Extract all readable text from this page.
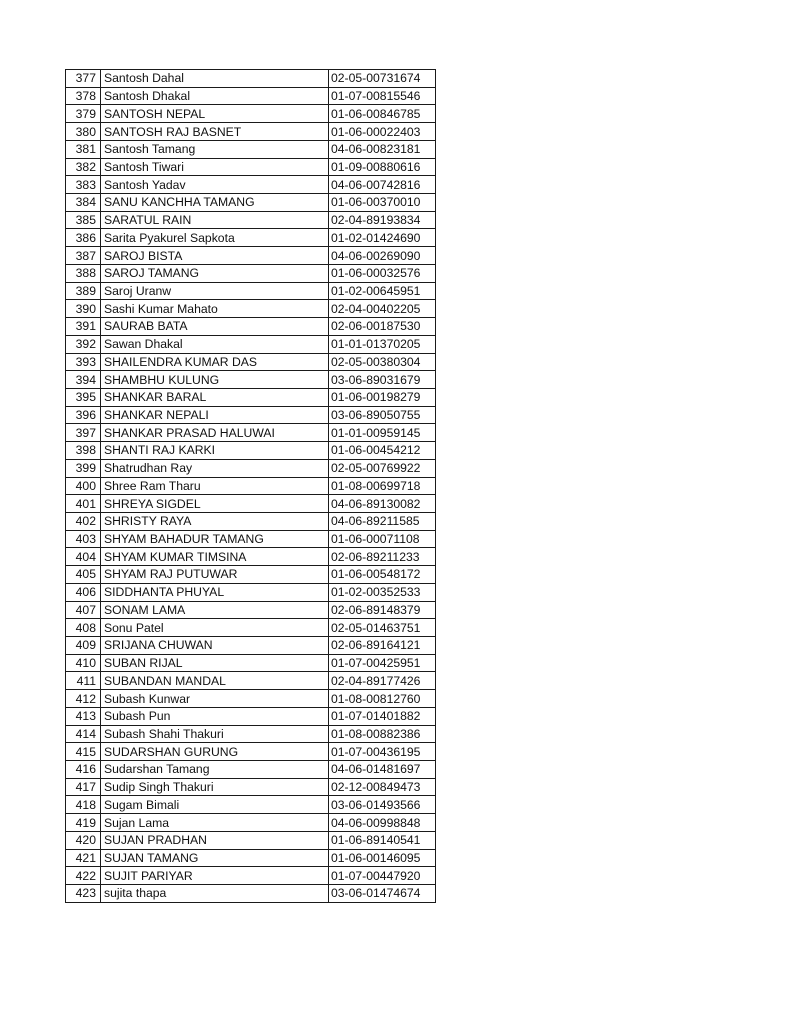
377	Santosh Dahal	02-05-00731674
378	Santosh Dhakal	01-07-00815546
379	SANTOSH NEPAL	01-06-00846785
380	SANTOSH RAJ BASNET	01-06-00022403
381	Santosh Tamang	04-06-00823181
382	Santosh Tiwari	01-09-00880616
383	Santosh Yadav	04-06-00742816
384	SANU KANCHHA TAMANG	01-06-00370010
385	SARATUL RAIN	02-04-89193834
386	Sarita Pyakurel Sapkota	01-02-01424690
387	SAROJ BISTA	04-06-00269090
388	SAROJ TAMANG	01-06-00032576
389	Saroj Uranw	01-02-00645951
390	Sashi Kumar Mahato	02-04-00402205
391	SAURAB BATA	02-06-00187530
392	Sawan Dhakal	01-01-01370205
393	SHAILENDRA KUMAR DAS	02-05-00380304
394	SHAMBHU KULUNG	03-06-89031679
395	SHANKAR BARAL	01-06-00198279
396	SHANKAR NEPALI	03-06-89050755
397	SHANKAR PRASAD HALUWAI	01-01-00959145
398	SHANTI RAJ KARKI	01-06-00454212
399	Shatrudhan Ray	02-05-00769922
400	Shree Ram Tharu	01-08-00699718
401	SHREYA SIGDEL	04-06-89130082
402	SHRISTY RAYA	04-06-89211585
403	SHYAM BAHADUR TAMANG	01-06-00071108
404	SHYAM KUMAR TIMSINA	02-06-89211233
405	SHYAM RAJ PUTUWAR	01-06-00548172
406	SIDDHANTA PHUYAL	01-02-00352533
407	SONAM LAMA	02-06-89148379
408	Sonu Patel	02-05-01463751
409	SRIJANA CHUWAN	02-06-89164121
410	SUBAN RIJAL	01-07-00425951
411	SUBANDAN MANDAL	02-04-89177426
412	Subash Kunwar	01-08-00812760
413	Subash Pun	01-07-01401882
414	Subash Shahi Thakuri	01-08-00882386
415	SUDARSHAN GURUNG	01-07-00436195
416	Sudarshan Tamang	04-06-01481697
417	Sudip Singh Thakuri	02-12-00849473
418	Sugam Bimali	03-06-01493566
419	Sujan Lama	04-06-00998848
420	SUJAN PRADHAN	01-06-89140541
421	SUJAN TAMANG	01-06-00146095
422	SUJIT PARIYAR	01-07-00447920
423	sujita thapa	03-06-01474674
